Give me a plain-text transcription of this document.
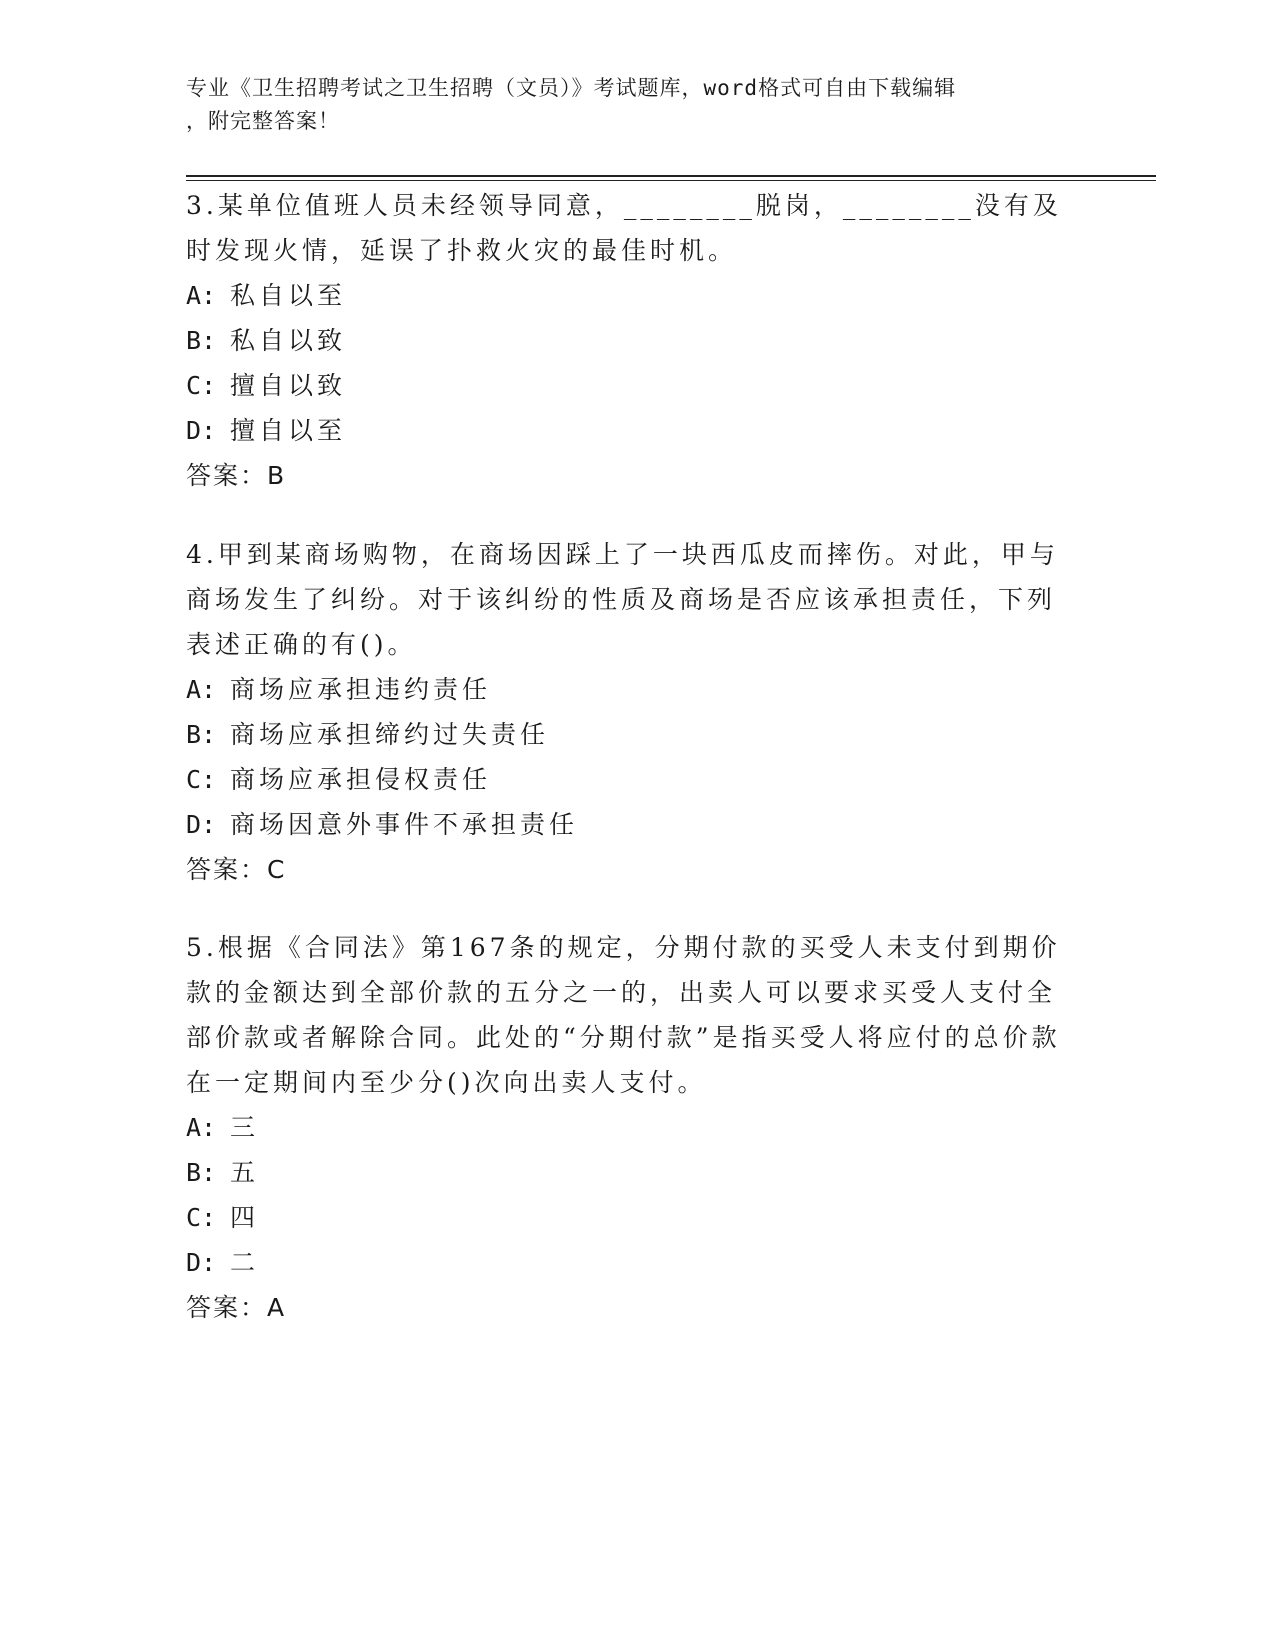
专业《卫生招聘考试之卫生招聘（文员）》考试题库，word格式可自由下载编辑
，附完整答案！

3.某单位值班人员未经领导同意，________脱岗，________没有及时发现火情，延误了扑救火灾的最佳时机。

A: 私自以至
B: 私自以致
C: 擅自以致
D: 擅自以至
答案：B

4.甲到某商场购物，在商场因踩上了一块西瓜皮而摔伤。对此，甲与商场发生了纠纷。对于该纠纷的性质及商场是否应该承担责任，下列表述正确的有()。

A: 商场应承担违约责任
B: 商场应承担缔约过失责任
C: 商场应承担侵权责任
D: 商场因意外事件不承担责任
答案：C

5.根据《合同法》第167条的规定，分期付款的买受人未支付到期价款的金额达到全部价款的五分之一的，出卖人可以要求买受人支付全部价款或者解除合同。此处的“分期付款”是指买受人将应付的总价款在一定期间内至少分()次向出卖人支付。

A: 三
B: 五
C: 四
D: 二
答案：A
